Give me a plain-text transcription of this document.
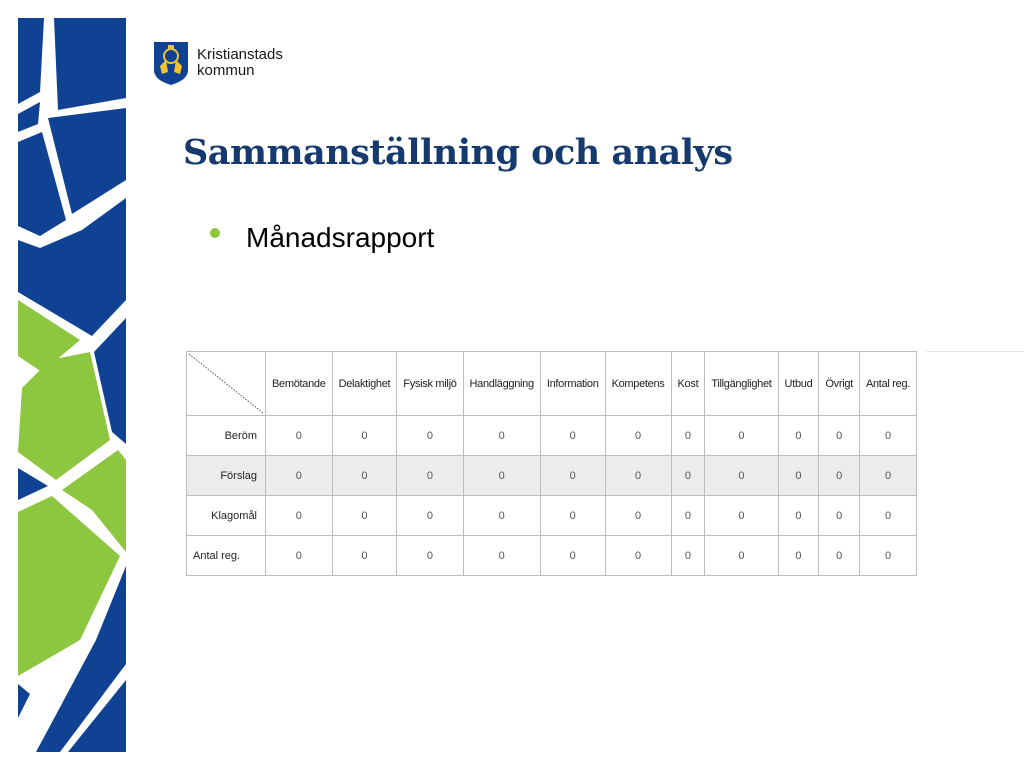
Kristianstads
kommun
Sammanställning och analys
Månadsrapport
	Bemötande	Delaktighet	Fysisk miljö	Handläggning	Information	Kompetens	Kost	Tillgänglighet	Utbud	Övrigt	Antal reg.
Beröm	0	0	0	0	0	0	0	0	0	0	0
Förslag	0	0	0	0	0	0	0	0	0	0	0
Klagomål	0	0	0	0	0	0	0	0	0	0	0
Antal reg.	0	0	0	0	0	0	0	0	0	0	0
